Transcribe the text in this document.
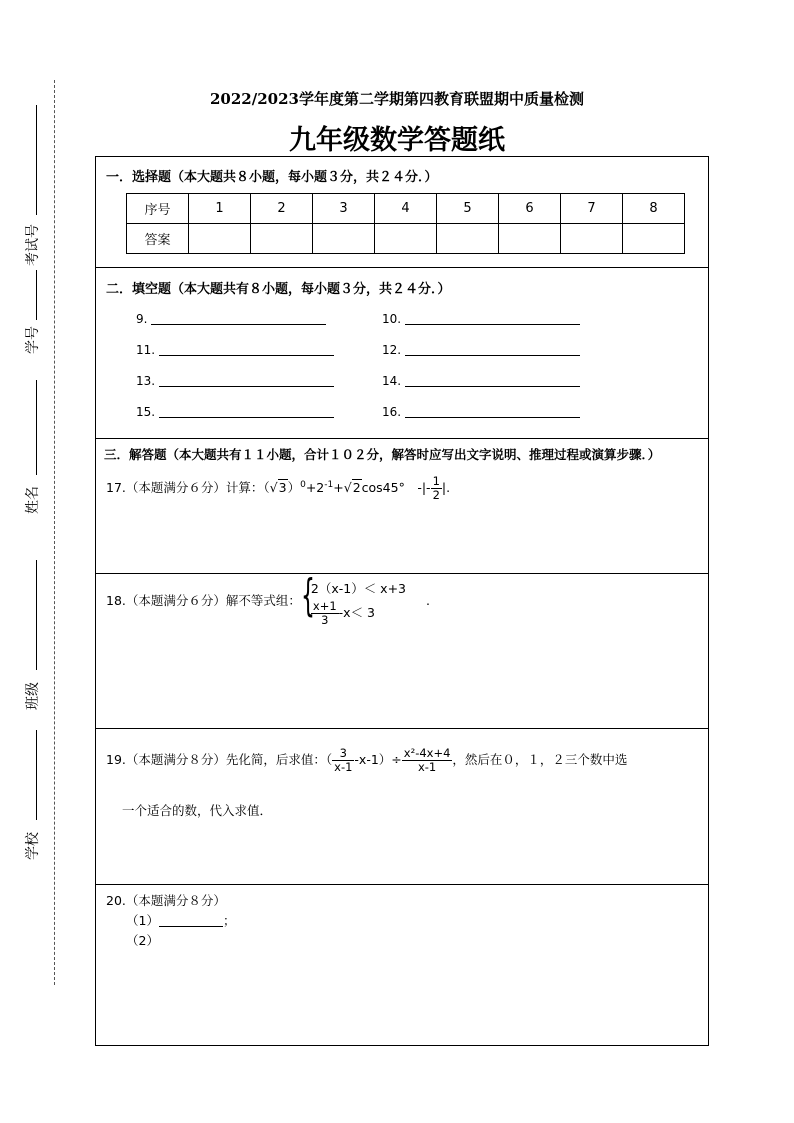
考试号
学号
姓名
班级
学校
2022/2023学年度第二学期第四教育联盟期中质量检测
九年级数学答题纸
一．选择题（本大题共８小题，每小题３分，共２４分．）
序号	1	2	3	4	5	6	7	8
答案								
二．填空题（本大题共有８小题，每小题３分，共２４分．）
9.	10.
11.	12.
13.	14.
15.	16.
三．解答题（本大题共有１１小题，合计１０２分，解答时应写出文字说明、推理过程或演算步骤．）
17.（本题满分６分）计算：$(√3)^0+2^{-1}+√2\cos 45^\circ$　-|- $\frac{1}{2}$ |.
18.（本题满分６分）解不等式组： {
2（x-1）＜ x+3
$\frac{x+1}{3} -x< 3$
.
19.（本题满分８分）先化简，后求值：（ $\frac{3}{x-1} -x-1)\div \frac{\text{x²-4x+4}}{x-1}$ ，然后在０，１，２三个数中选
一个适合的数，代入求值．
20.（本题满分８分）
（1）	；
（2）
